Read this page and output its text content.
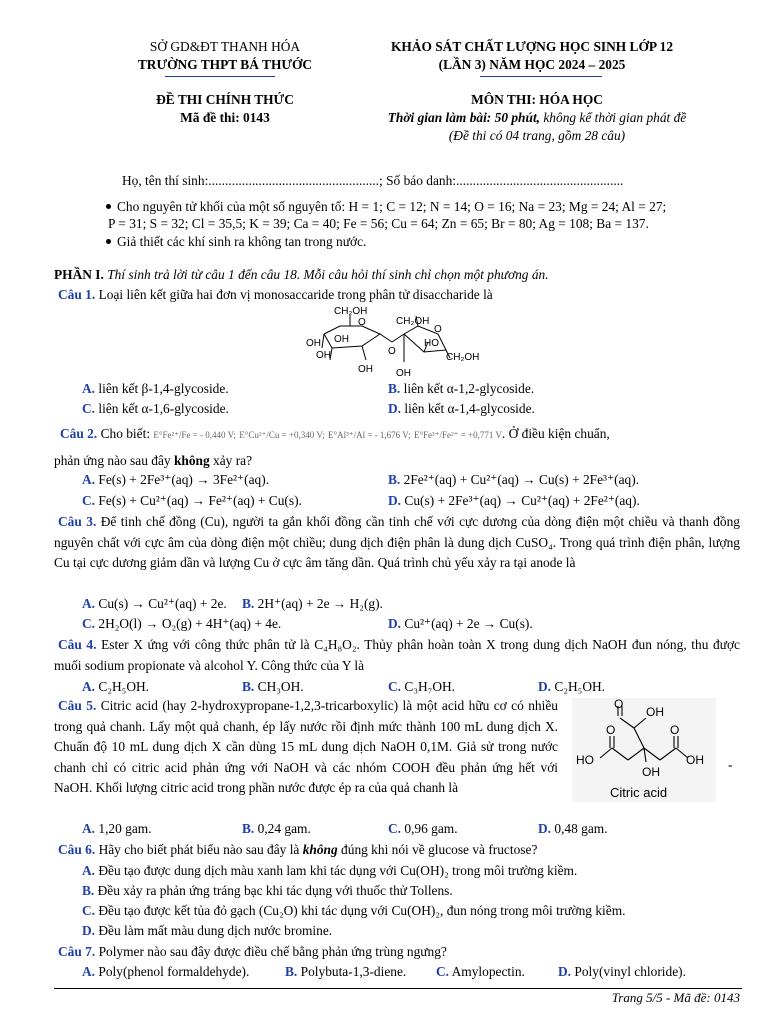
SỞ GD&ĐT THANH HÓA
TRƯỜNG THPT BÁ THƯỚC
KHẢO SÁT CHẤT LƯỢNG HỌC SINH LỚP 12
(LẦN 3) NĂM HỌC 2024 – 2025
ĐỀ THI CHÍNH THỨC
Mã đề thi: 0143
MÔN THI: HÓA HỌC
Thời gian làm bài: 50 phút, không kể thời gian phát đề
(Đề thi có 04 trang, gồm 28 câu)
Họ, tên thí sinh:...................................................; Số báo danh:..................................................
Cho nguyên tử khối của một số nguyên tố: H = 1; C = 12; N = 14; O = 16; Na = 23; Mg = 24; Al = 27;
P = 31; S = 32; Cl = 35,5; K = 39; Ca = 40; Fe = 56; Cu = 64; Zn = 65; Br = 80; Ag = 108; Ba = 137.
Giả thiết các khí sinh ra không tan trong nước.
PHẦN I. Thí sinh trả lời từ câu 1 đến câu 18. Mỗi câu hỏi thí sinh chỉ chọn một phương án.
Câu 1. Loại liên kết giữa hai đơn vị monosaccaride trong phân tử disaccharide là
CH₂OH
CH₂OH
O
OH
OH
OH	O
O
HO
CH₂OH
OH OH
A. liên kết β-1,4-glycoside.	B. liên kết α-1,2-glycoside.
C. liên kết α-1,6-glycoside.	D. liên kết α-1,4-glycoside.
Câu 2. Cho biết: E°Fe²⁺/Fe = - 0,440 V; E°Cu²⁺/Cu = +0,340 V; E°Al³⁺/Al = - 1,676 V; E°Fe³⁺/Fe²⁺ = +0,771 V. Ở điều kiện chuẩn,
phản ứng nào sau đây không xảy ra?
A. Fe(s) + 2Fe³⁺(aq) → 3Fe²⁺(aq).	B. 2Fe²⁺(aq) + Cu²⁺(aq) → Cu(s) + 2Fe³⁺(aq).
C. Fe(s) + Cu²⁺(aq) → Fe²⁺(aq) + Cu(s).	D. Cu(s) + 2Fe³⁺(aq) → Cu²⁺(aq) + 2Fe²⁺(aq).
Câu 3. Để tinh chế đồng (Cu), người ta gắn khối đồng cần tinh chế với cực dương của dòng điện một chiều và thanh đồng nguyên chất với cực âm của dòng điện một chiều; dung dịch điện phân là dung dịch CuSO₄. Trong quá trình điện phân, lượng Cu tại cực dương giảm dần và lượng Cu ở cực âm tăng dần. Quá trình chủ yếu xảy ra tại anode là
A. Cu(s) → Cu²⁺(aq) + 2e. B. 2H⁺(aq) + 2e → H₂(g).
C. 2H₂O(l) → O₂(g) + 4H⁺(aq) + 4e.	D. Cu²⁺(aq) + 2e → Cu(s).
Câu 4. Ester X ứng với công thức phân tử là C₄H₈O₂. Thủy phân hoàn toàn X trong dung dịch NaOH đun nóng, thu được muối sodium propionate và alcohol Y. Công thức của Y là
A. C₂H₅OH.	B. CH₃OH.	C. C₃H₇OH.	D. C₂H₅OH.
Câu 5. Citric acid (hay 2-hydroxypropane-1,2,3-tricarboxylic) là một acid hữu cơ có nhiều trong quả chanh. Lấy một quả chanh, ép lấy nước rồi định mức thành 100 mL dung dịch X. Chuẩn độ 10 mL dung dịch X cần dùng 15 mL dung dịch NaOH 0,1M. Giả sử trong nước chanh chỉ có citric acid phản ứng với NaOH và các nhóm COOH đều phản ứng hết với NaOH. Khối lượng citric acid trong phần nước được ép ra của quả chanh là
O
OH
O	O
HO	OH
OH
Citric acid
-
A. 1,20 gam.	B. 0,24 gam.	C. 0,96 gam.	D. 0,48 gam.
Câu 6. Hãy cho biết phát biểu nào sau đây là không đúng khi nói về glucose và fructose?
A. Đều tạo được dung dịch màu xanh lam khi tác dụng với Cu(OH)₂ trong môi trường kiềm.
B. Đều xảy ra phản ứng tráng bạc khi tác dụng với thuốc thử Tollens.
C. Đều tạo được kết tủa đỏ gạch (Cu₂O) khi tác dụng với Cu(OH)₂, đun nóng trong môi trường kiềm.
D. Đều làm mất màu dung dịch nước bromine.
Câu 7. Polymer nào sau đây được điều chế bằng phản ứng trùng ngưng?
A. Poly(phenol formaldehyde).	B. Polybuta-1,3-diene. C. Amylopectin. D. Poly(vinyl chloride).
Trang 5/5 - Mã đề: 0143
